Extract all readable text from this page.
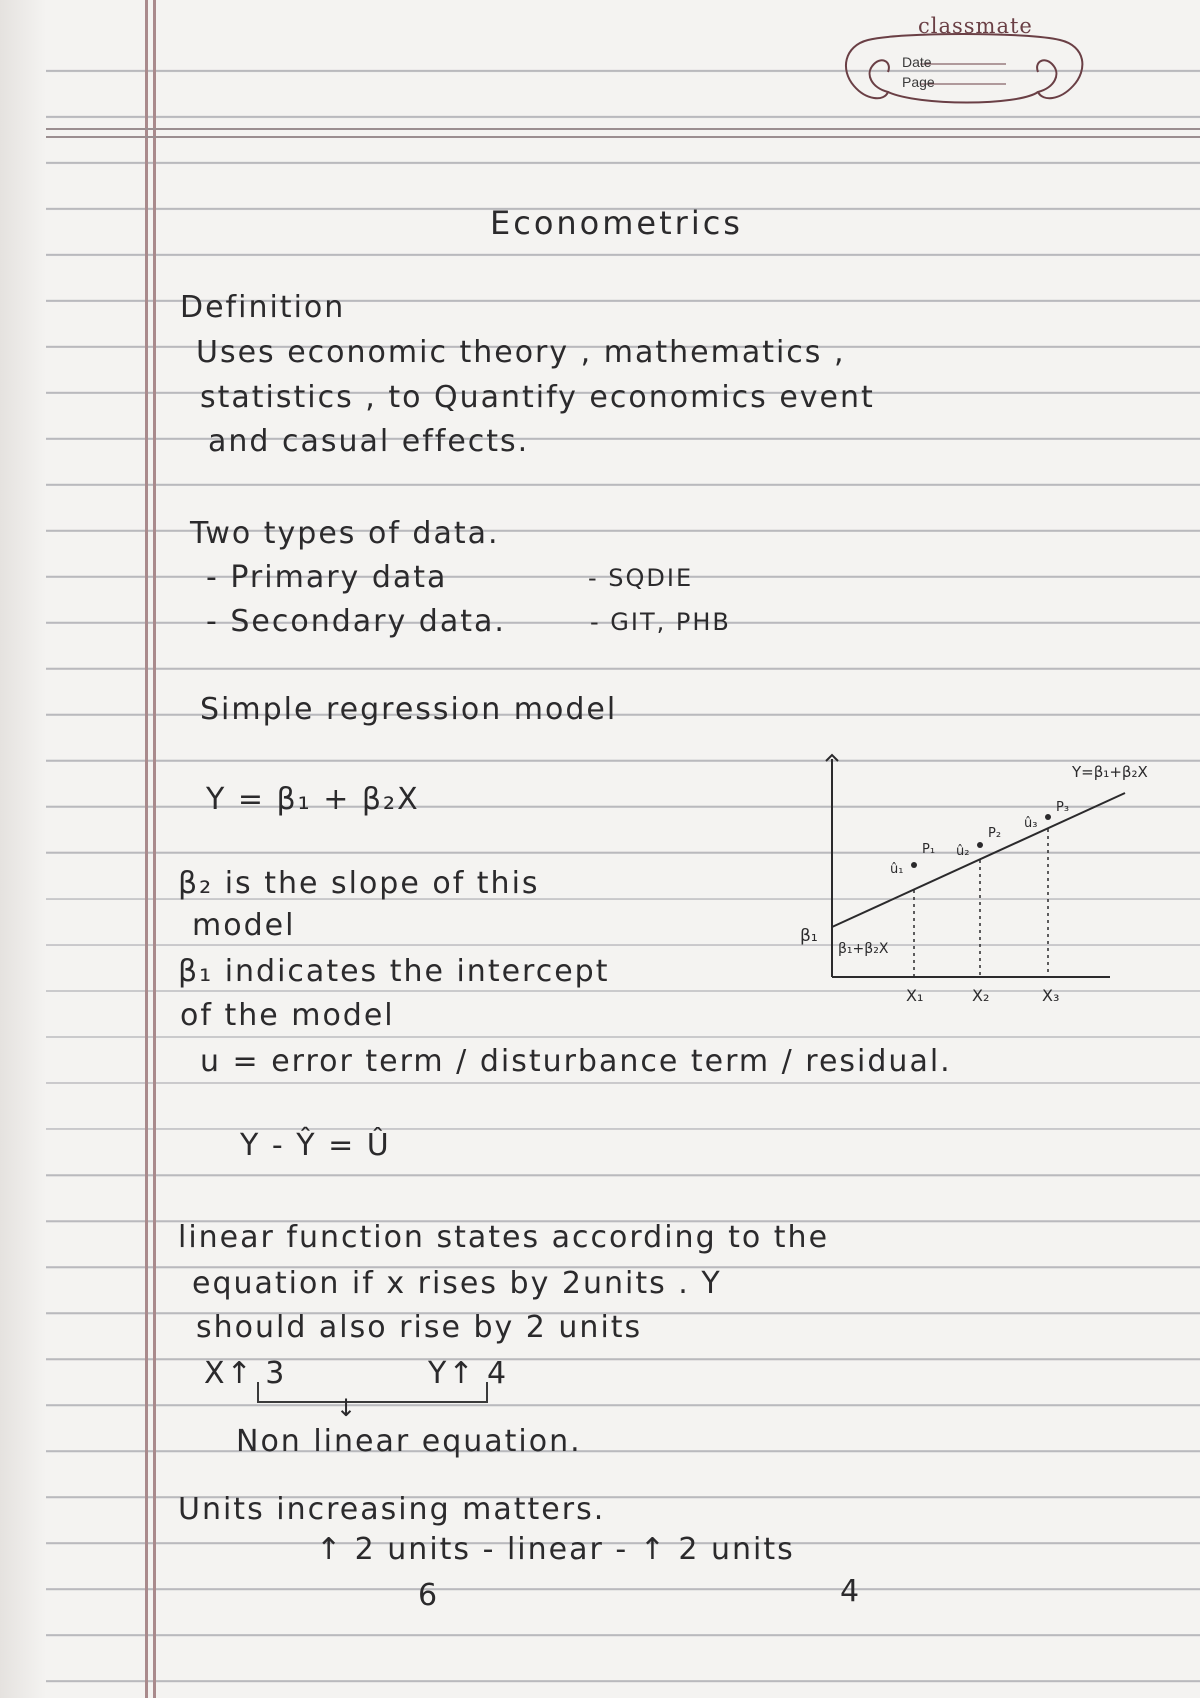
classmate
Date
Page
Econometrics
Definition
Uses economic theory , mathematics ,
statistics , to Quantify economics event
and casual effects.
Two types of data.
- Primary data	- SQDIE
- Secondary data.	- GIT, PHB
Simple regression model
Y = β₁ + β₂X
β₂ is the slope of this
model
β₁ indicates the intercept
of the model
u = error term / disturbance term / residual.
Y - Ŷ = Û
linear function states according to the
equation if x rises by 2units . Y
should also rise by 2 units
X↑ 3	Y↑ 4
↓
Non linear equation.
Units increasing matters.
↑ 2 units - linear - ↑ 2 units
6	4
Y=β₁+β₂X
β₁
β₁+β₂X
X₁	X₂	X₃
û₁
û₂
û₃
P₁
P₂
P₃
